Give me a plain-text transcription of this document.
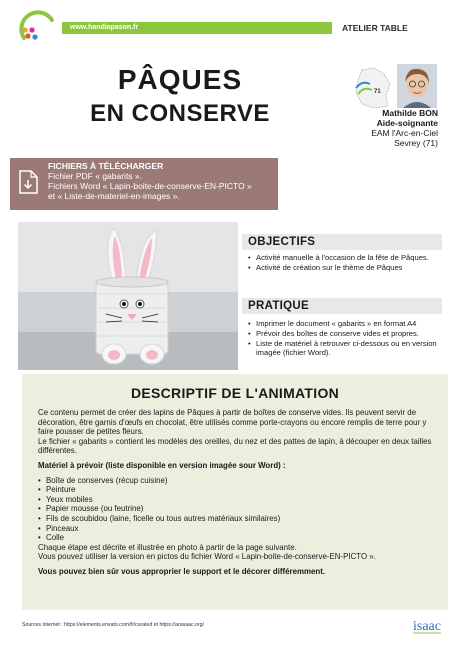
www.handiapason.fr	ATELIER TABLE
PÂQUES
EN CONSERVE
71
Mathilde BON
Aide-soignante
EAM l'Arc-en-Ciel
Sevrey (71)
FICHIERS À TÉLÉCHARGER
Fichier PDF « gabarits ».
Fichiers Word « Lapin-boite-de-conserve-EN-PICTO »
et « Liste-de-materiel-en-images ».
OBJECTIFS
• Activité manuelle à l'occasion de la fête de Pâques.
• Activité de création sur le thème de Pâques
PRATIQUE
• Imprimer le document « gabarits » en format A4
• Prévoir des boîtes de conserve vides et propres.
• Liste de matériel à retrouver ci-dessous ou en version imagée (fichier Word).
DESCRIPTIF DE L'ANIMATION

Ce contenu permet de créer des lapins de Pâques à partir de boîtes de conserve vides. Ils peuvent servir de décoration, être garnis d'œufs en chocolat, être utilisés comme porte-crayons ou encore remplis de terre pour y faire pousser de petites fleurs.

Le fichier « gabarits » contient les modèles des oreilles, du nez et des pattes de lapin, à découper en deux tailles différentes.

Matériel à prévoir (liste disponible en version imagée sour Word) :

• Boîte de conserves (récup cuisine)
• Peinture
• Yeux mobiles
• Papier mousse (ou feutrine)
• Fils de scoubidou (laine, ficelle ou tous autres matériaux similaires)
• Pinceaux
• Colle

Chaque étape est décrite et illustrée en photo à partir de la page suivante.

Vous pouvez utiliser la version en pictos du fichier Word « Lapin-boite-de-conserve-EN-PICTO ».

Vous pouvez bien sûr vous approprier le support et le décorer différemment.

Sources internet : https://elements.envato.com/fr/curated et https://arasaac.org/	isaac
